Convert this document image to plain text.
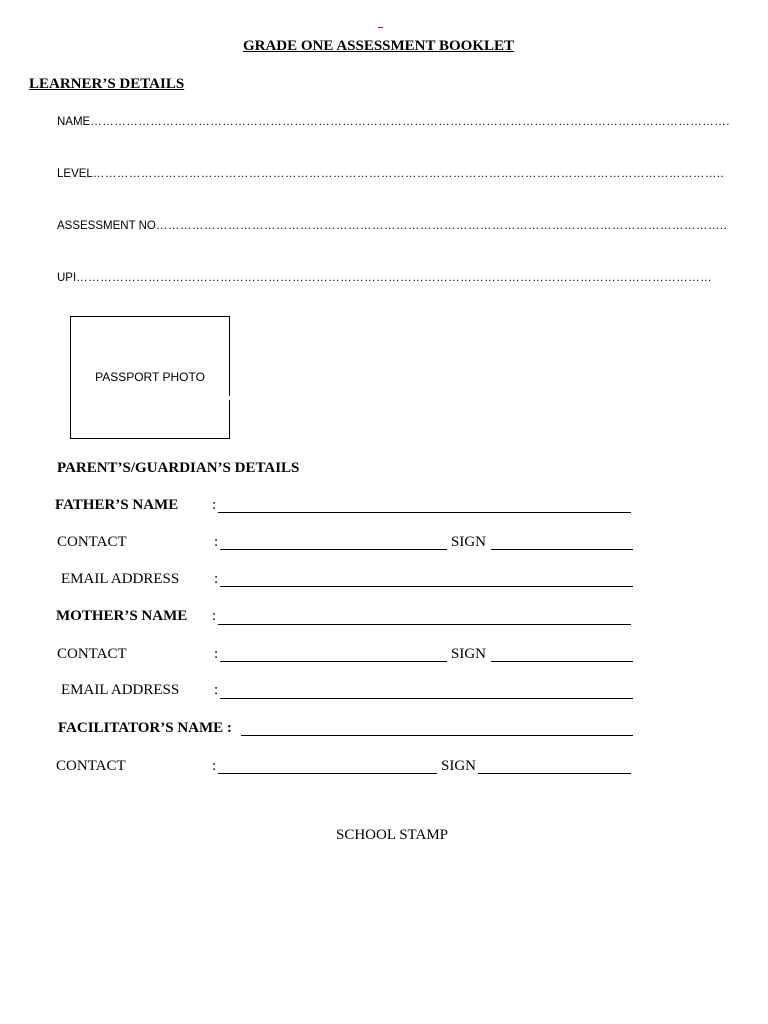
GRADE ONE ASSESSMENT BOOKLET
LEARNER’S DETAILS
NAME…………………………………………………………………………………………………………………………………………….
LEVEL…………………………………………………………………………………………………………………………………………..
ASSESSMENT NO……………………………………………………………………………………………………………………………..
UPI……………………………………………………………………………………………………………………………………………
PASSPORT PHOTO
PARENT’S/GUARDIAN’S DETAILS
FATHER’S NAME :
CONTACT	:	SIGN
EMAIL ADDRESS :
MOTHER’S NAME :
CONTACT	:	SIGN
EMAIL ADDRESS :
FACILITATOR’S NAME :
CONTACT	:	SIGN
SCHOOL STAMP
